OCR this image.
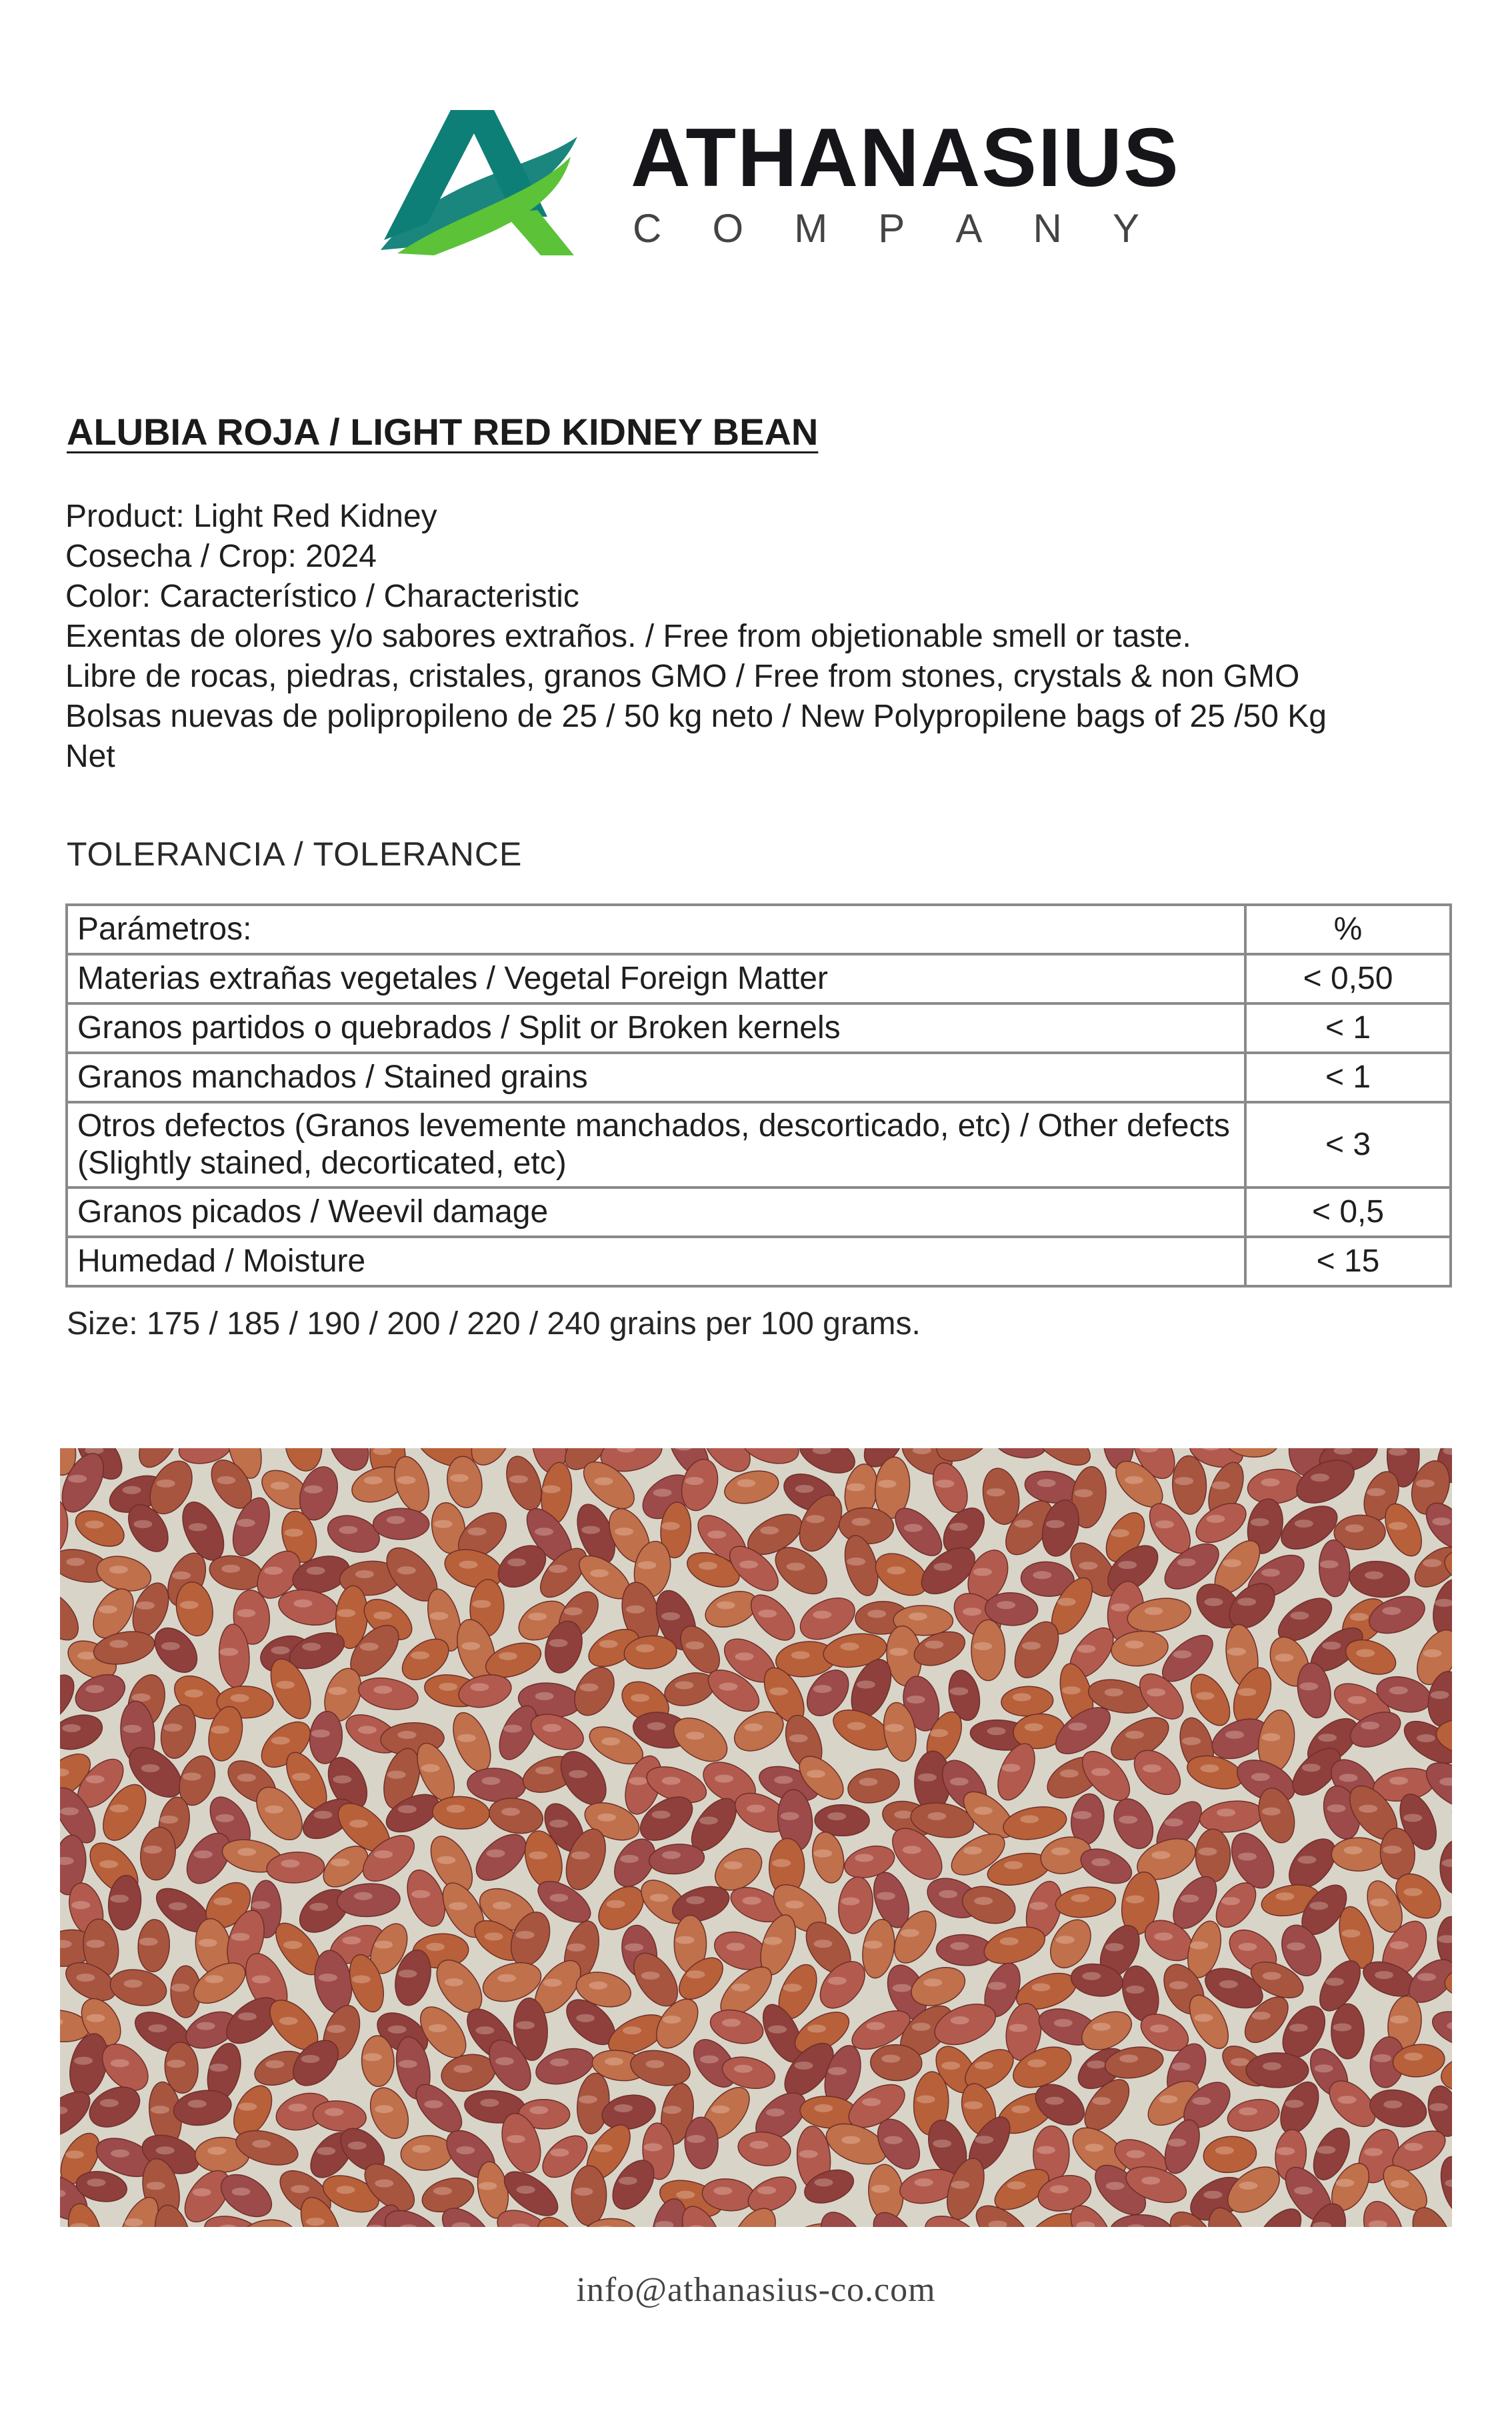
ATHANASIUS
C O M P A N Y
ALUBIA ROJA / LIGHT RED KIDNEY BEAN
Product: Light Red Kidney
Cosecha / Crop: 2024
Color: Característico / Characteristic
Exentas de olores y/o sabores extraños. / Free from objetionable smell or taste.
Libre de rocas, piedras, cristales, granos GMO / Free from stones, crystals & non GMO
Bolsas nuevas de polipropileno de 25 / 50 kg neto / New Polypropilene bags of 25 /50 Kg
Net
TOLERANCIA / TOLERANCE
Parámetros:	%
Materias extrañas vegetales / Vegetal Foreign Matter	< 0,50
Granos partidos o quebrados / Split or Broken kernels	< 1
Granos manchados / Stained grains	< 1
Otros defectos (Granos levemente manchados, descorticado, etc) / Other defects (Slightly stained, decorticated, etc)	< 3
Granos picados / Weevil damage	< 0,5
Humedad / Moisture	< 15
Size: 175 / 185 / 190 / 200 / 220 / 240 grains per 100 grams.
info@athanasius-co.com
